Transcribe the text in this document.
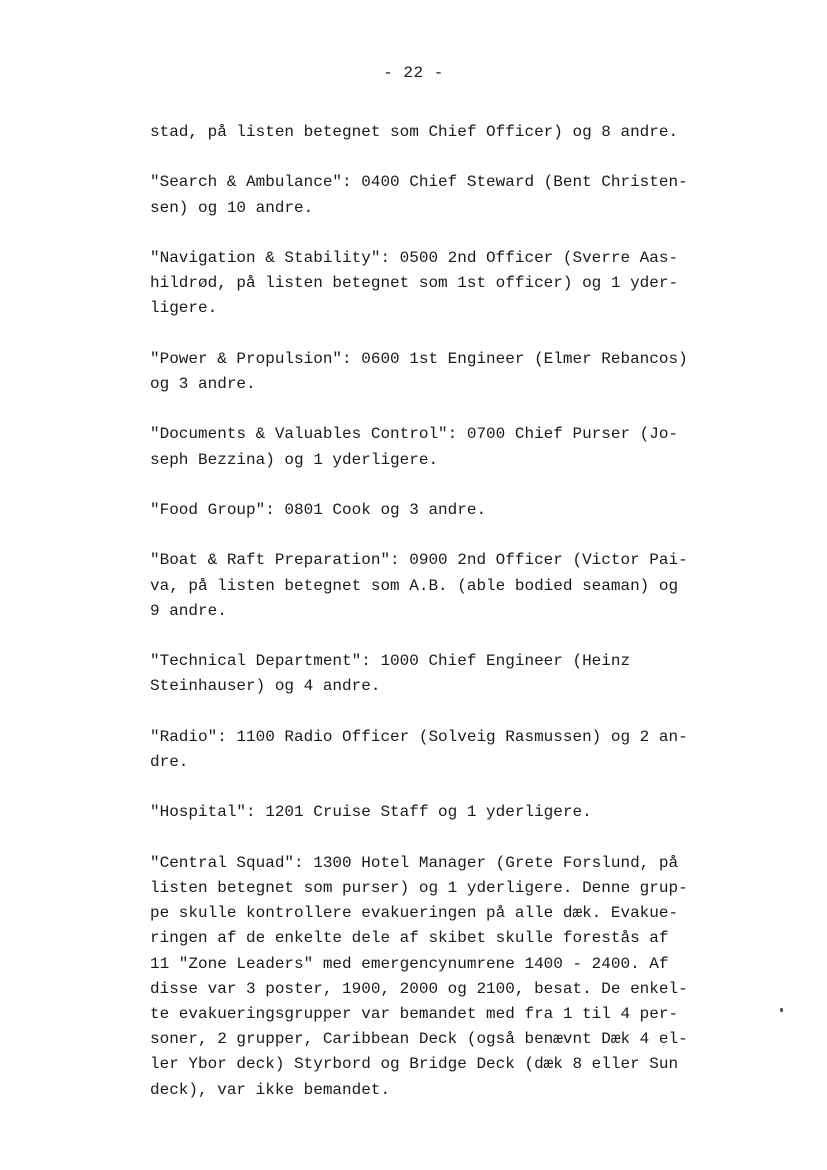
- 22 -

stad, på listen betegnet som Chief Officer) og 8 andre.

"Search & Ambulance": 0400 Chief Steward (Bent Christen-
sen) og 10 andre.

"Navigation & Stability": 0500 2nd Officer (Sverre Aas-
hildrød, på listen betegnet som 1st officer) og 1 yder-
ligere.

"Power & Propulsion": 0600 1st Engineer (Elmer Rebancos)
og 3 andre.

"Documents & Valuables Control": 0700 Chief Purser (Jo-
seph Bezzina) og 1 yderligere.

"Food Group": 0801 Cook og 3 andre.

"Boat & Raft Preparation": 0900 2nd Officer (Victor Pai-
va, på listen betegnet som A.B. (able bodied seaman) og
9 andre.

"Technical Department": 1000 Chief Engineer (Heinz
Steinhauser) og 4 andre.

"Radio": 1100 Radio Officer (Solveig Rasmussen) og 2 an-
dre.

"Hospital": 1201 Cruise Staff og 1 yderligere.

"Central Squad": 1300 Hotel Manager (Grete Forslund, på
listen betegnet som purser) og 1 yderligere. Denne grup-
pe skulle kontrollere evakueringen på alle dæk. Evakue-
ringen af de enkelte dele af skibet skulle forestås af
11 "Zone Leaders" med emergencynumrene 1400 - 2400. Af
disse var 3 poster, 1900, 2000 og 2100, besat. De enkel-
te evakueringsgrupper var bemandet med fra 1 til 4 per-
soner, 2 grupper, Caribbean Deck (også benævnt Dæk 4 el-
ler Ybor deck) Styrbord og Bridge Deck (dæk 8 eller Sun
deck), var ikke bemandet.
